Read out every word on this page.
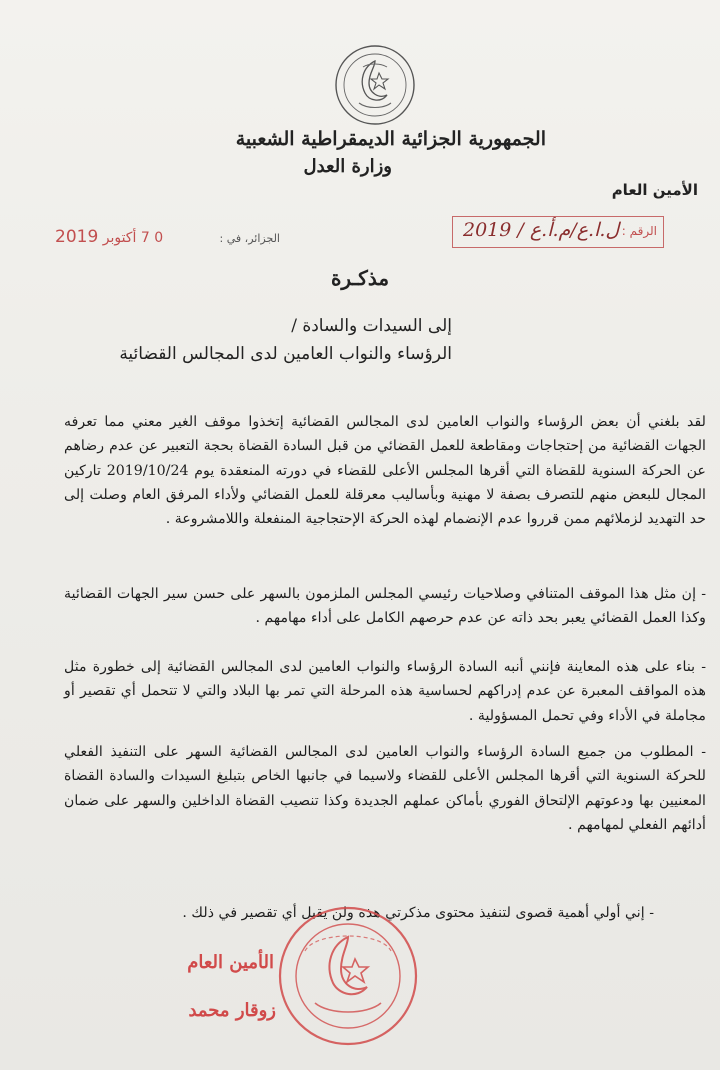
الجمهورية الجزائية الديمقراطية الشعبية
وزارة العدل
الأمين العام
الرقم :
ل.ا.ع/م.أ.ع / 2019
الجزائر، في :
2019 0 7 أكتوبر
مذكـرة
إلى السيدات والسادة /
الرؤساء والنواب العامين لدى المجالس القضائية
لقد بلغني أن بعض الرؤساء والنواب العامين لدى المجالس القضائية إتخذوا موقف الغير معني مما تعرفه الجهات القضائية من إحتجاجات ومقاطعة للعمل القضائي من قبل السادة القضاة بحجة التعبير عن عدم رضاهم عن الحركة السنوية للقضاة التي أقرها المجلس الأعلى للقضاء في دورته المنعقدة يوم 2019/10/24 تاركين المجال للبعض منهم للتصرف بصفة لا مهنية وبأساليب معرقلة للعمل القضائي ولأداء المرفق العام وصلت إلى حد التهديد لزملائهم ممن قرروا عدم الإنضمام لهذه الحركة الإحتجاجية المنفعلة واللامشروعة .
- إن مثل هذا الموقف المتنافي وصلاحيات رئيسي المجلس الملزمون بالسهر على حسن سير الجهات القضائية وكذا العمل القضائي يعبر بحد ذاته عن عدم حرصهم الكامل على أداء مهامهم .
- بناء على هذه المعاينة فإنني أنبه السادة الرؤساء والنواب العامين لدى المجالس القضائية إلى خطورة مثل هذه المواقف المعبرة عن عدم إدراكهم لحساسية هذه المرحلة التي تمر بها البلاد والتي لا تتحمل أي تقصير أو مجاملة في الأداء وفي تحمل المسؤولية .
- المطلوب من جميع السادة الرؤساء والنواب العامين لدى المجالس القضائية السهر على التنفيذ الفعلي للحركة السنوية التي أقرها المجلس الأعلى للقضاء ولاسيما في جانبها الخاص بتبليغ السيدات والسادة القضاة المعنيين بها ودعوتهم الإلتحاق الفوري بأماكن عملهم الجديدة وكذا تنصيب القضاة الداخلين والسهر على ضمان أدائهم الفعلي لمهامهم .
- إني أولي أهمية قصوى لتنفيذ محتوى مذكرتي هذه ولن يقبل أي تقصير في ذلك .
الأمين العام
زوقار محمد
